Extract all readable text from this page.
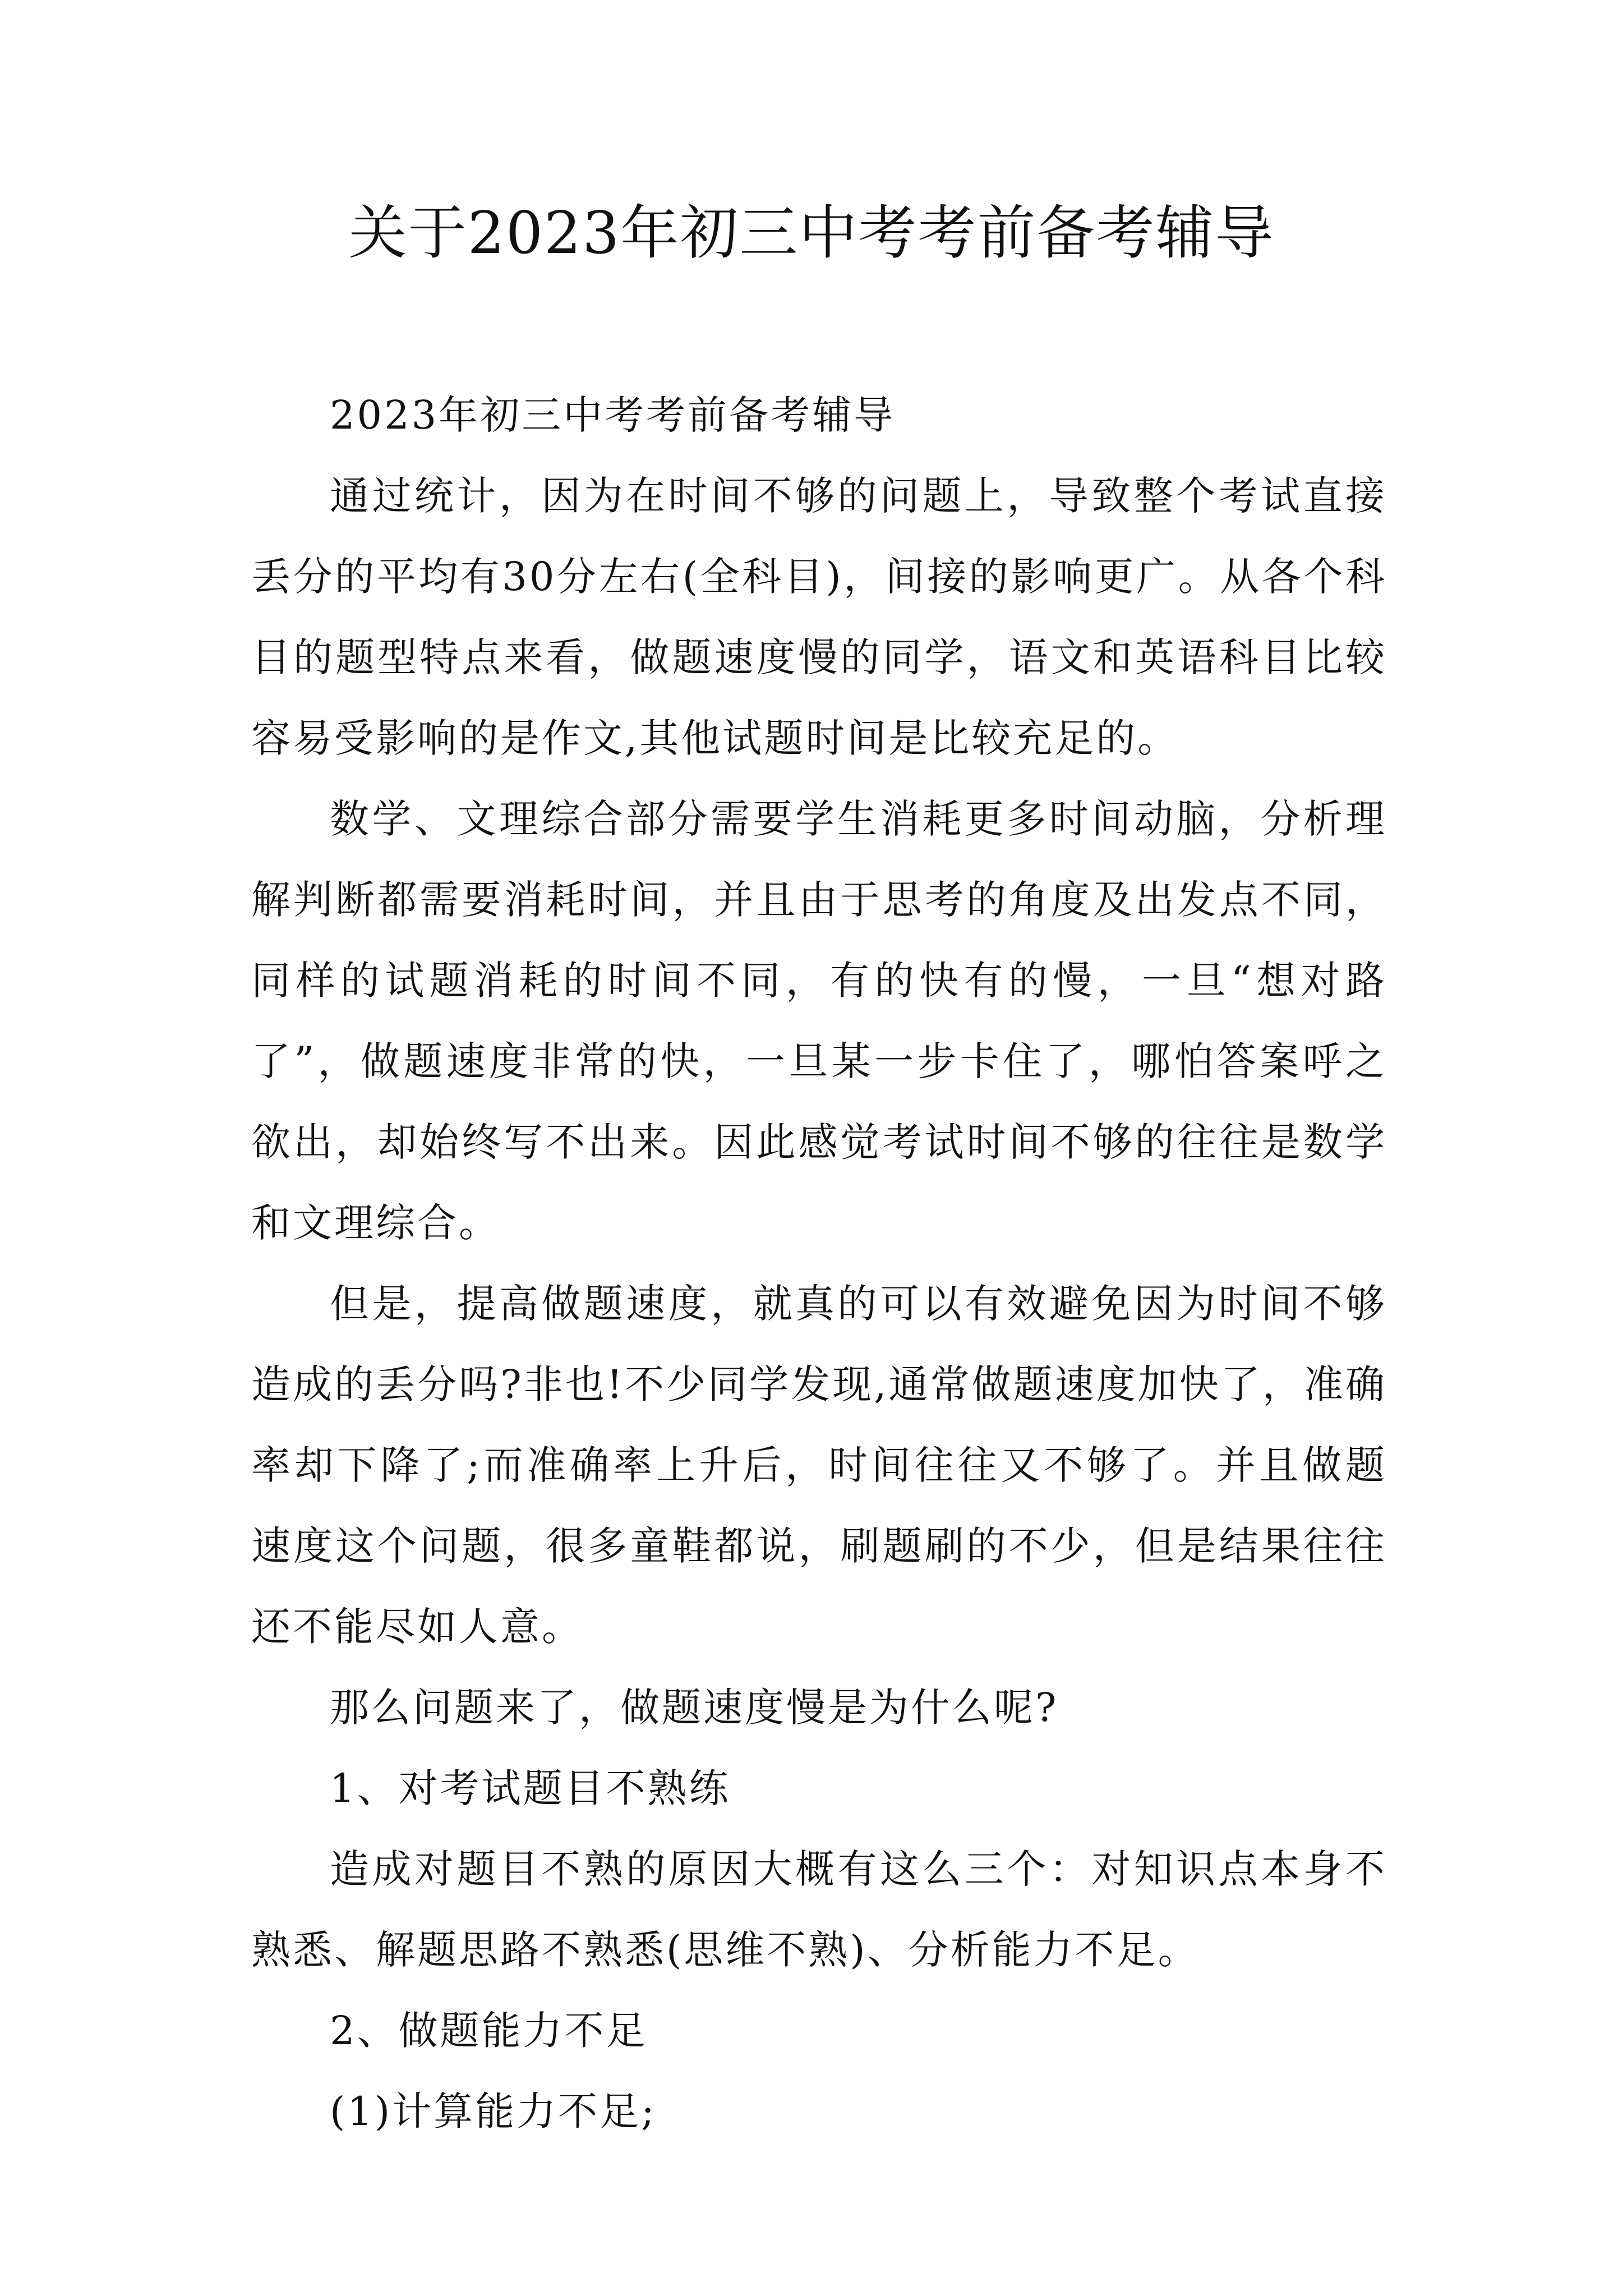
关于2023年初三中考考前备考辅导

2023年初三中考考前备考辅导

通过统计，因为在时间不够的问题上，导致整个考试直接丢分的平均有30分左右(全科目)，间接的影响更广。从各个科目的题型特点来看，做题速度慢的同学，语文和英语科目比较容易受影响的是作文,其他试题时间是比较充足的。

数学、文理综合部分需要学生消耗更多时间动脑，分析理解判断都需要消耗时间，并且由于思考的角度及出发点不同，同样的试题消耗的时间不同，有的快有的慢，一旦“想对路了”，做题速度非常的快，一旦某一步卡住了，哪怕答案呼之欲出，却始终写不出来。因此感觉考试时间不够的往往是数学和文理综合。

但是，提高做题速度，就真的可以有效避免因为时间不够造成的丢分吗?非也!不少同学发现,通常做题速度加快了，准确率却下降了;而准确率上升后，时间往往又不够了。并且做题速度这个问题，很多童鞋都说，刷题刷的不少，但是结果往往还不能尽如人意。

那么问题来了，做题速度慢是为什么呢?

1、对考试题目不熟练

造成对题目不熟的原因大概有这么三个：对知识点本身不熟悉、解题思路不熟悉(思维不熟)、分析能力不足。

2、做题能力不足

(1)计算能力不足;
